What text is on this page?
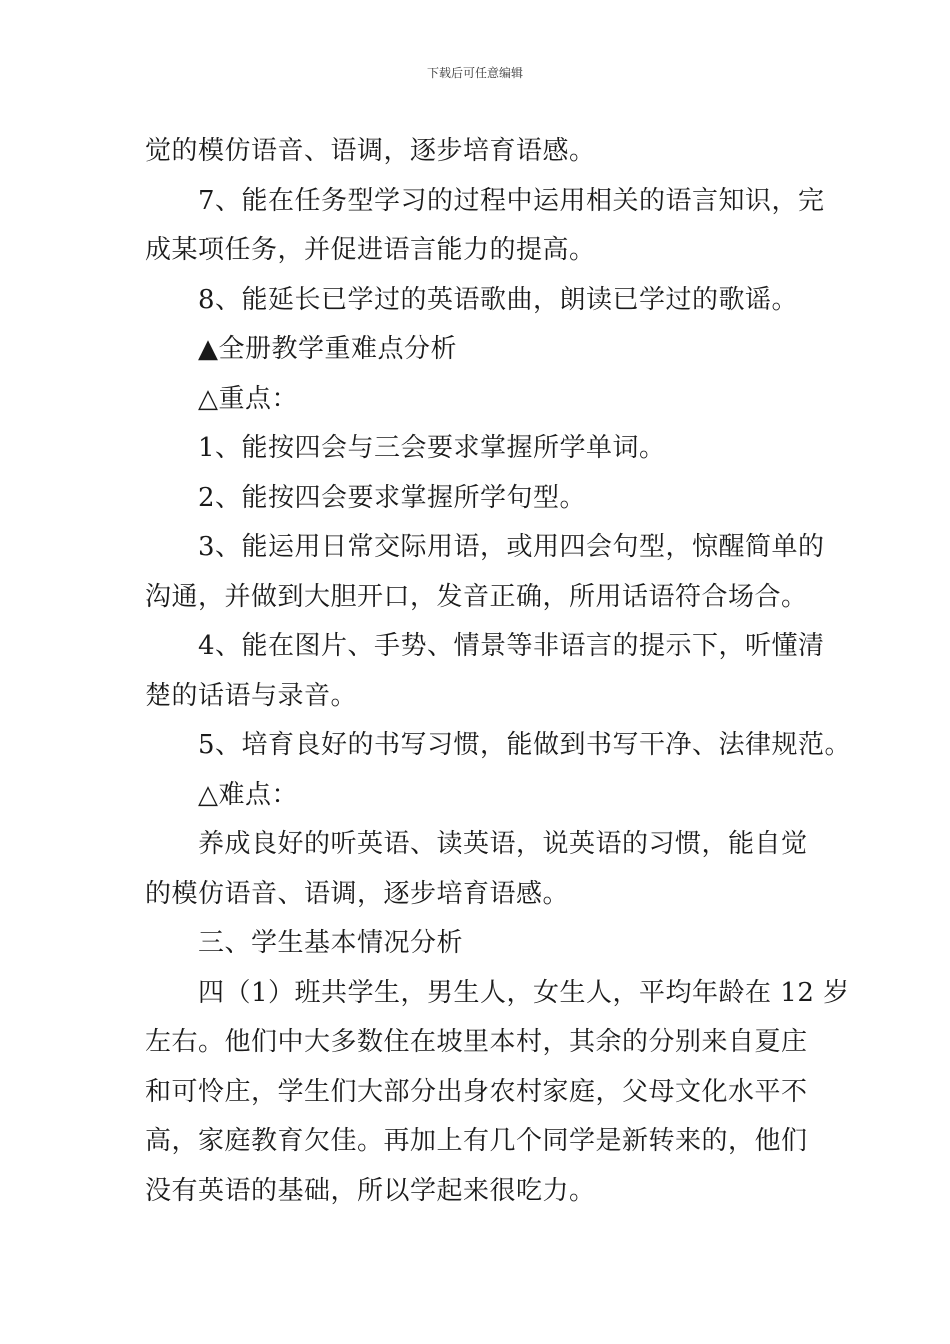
下载后可任意编辑
觉的模仿语音、语调，逐步培育语感。
7、能在任务型学习的过程中运用相关的语言知识，完
成某项任务，并促进语言能力的提高。
8、能延长已学过的英语歌曲，朗读已学过的歌谣。
▲全册教学重难点分析
△重点：
1、能按四会与三会要求掌握所学单词。
2、能按四会要求掌握所学句型。
3、能运用日常交际用语，或用四会句型，惊醒简单的
沟通，并做到大胆开口，发音正确，所用话语符合场合。
4、能在图片、手势、情景等非语言的提示下，听懂清
楚的话语与录音。
5、培育良好的书写习惯，能做到书写干净、法律规范。
△难点：
养成良好的听英语、读英语，说英语的习惯，能自觉
的模仿语音、语调，逐步培育语感。
三、学生基本情况分析
四（1）班共学生，男生人，女生人，平均年龄在 12 岁
左右。他们中大多数住在坡里本村，其余的分别来自夏庄
和可怜庄，学生们大部分出身农村家庭，父母文化水平不
高，家庭教育欠佳。再加上有几个同学是新转来的，他们
没有英语的基础，所以学起来很吃力。
